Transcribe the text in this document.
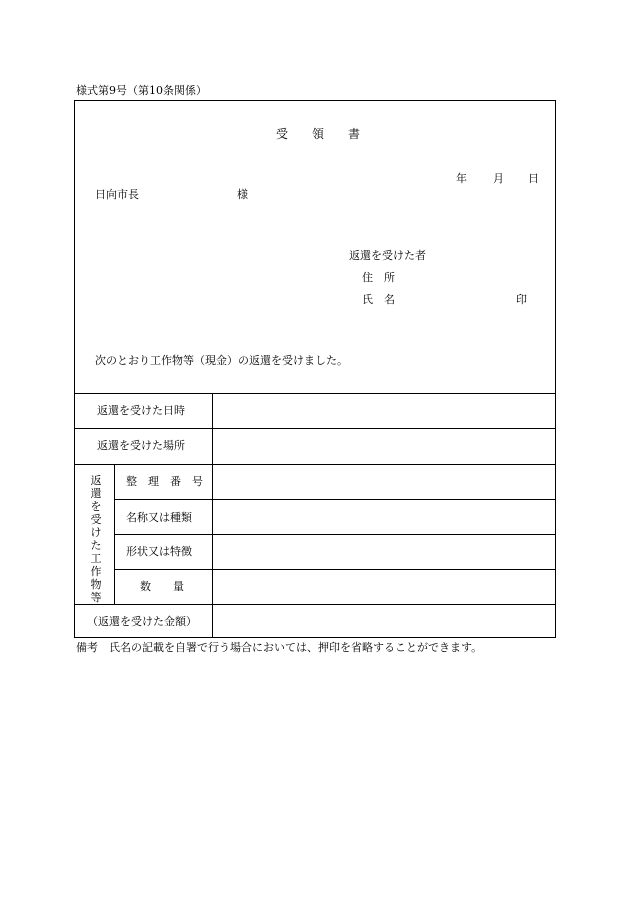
様式第9号（第10条関係）
受　　領　　書
年 月 日
日向市長	様
返還を受けた者
住　所
氏　名	印
次のとおり工作物等（現金）の返還を受けました。
返還を受けた日時
返還を受けた場所
返
還
を
受
け
た
工
作
物
等
整　理　番　号
名称又は種類
形状又は特徴
数　　量
（返還を受けた金額）
備考　氏名の記載を自署で行う場合においては、押印を省略することができます。
